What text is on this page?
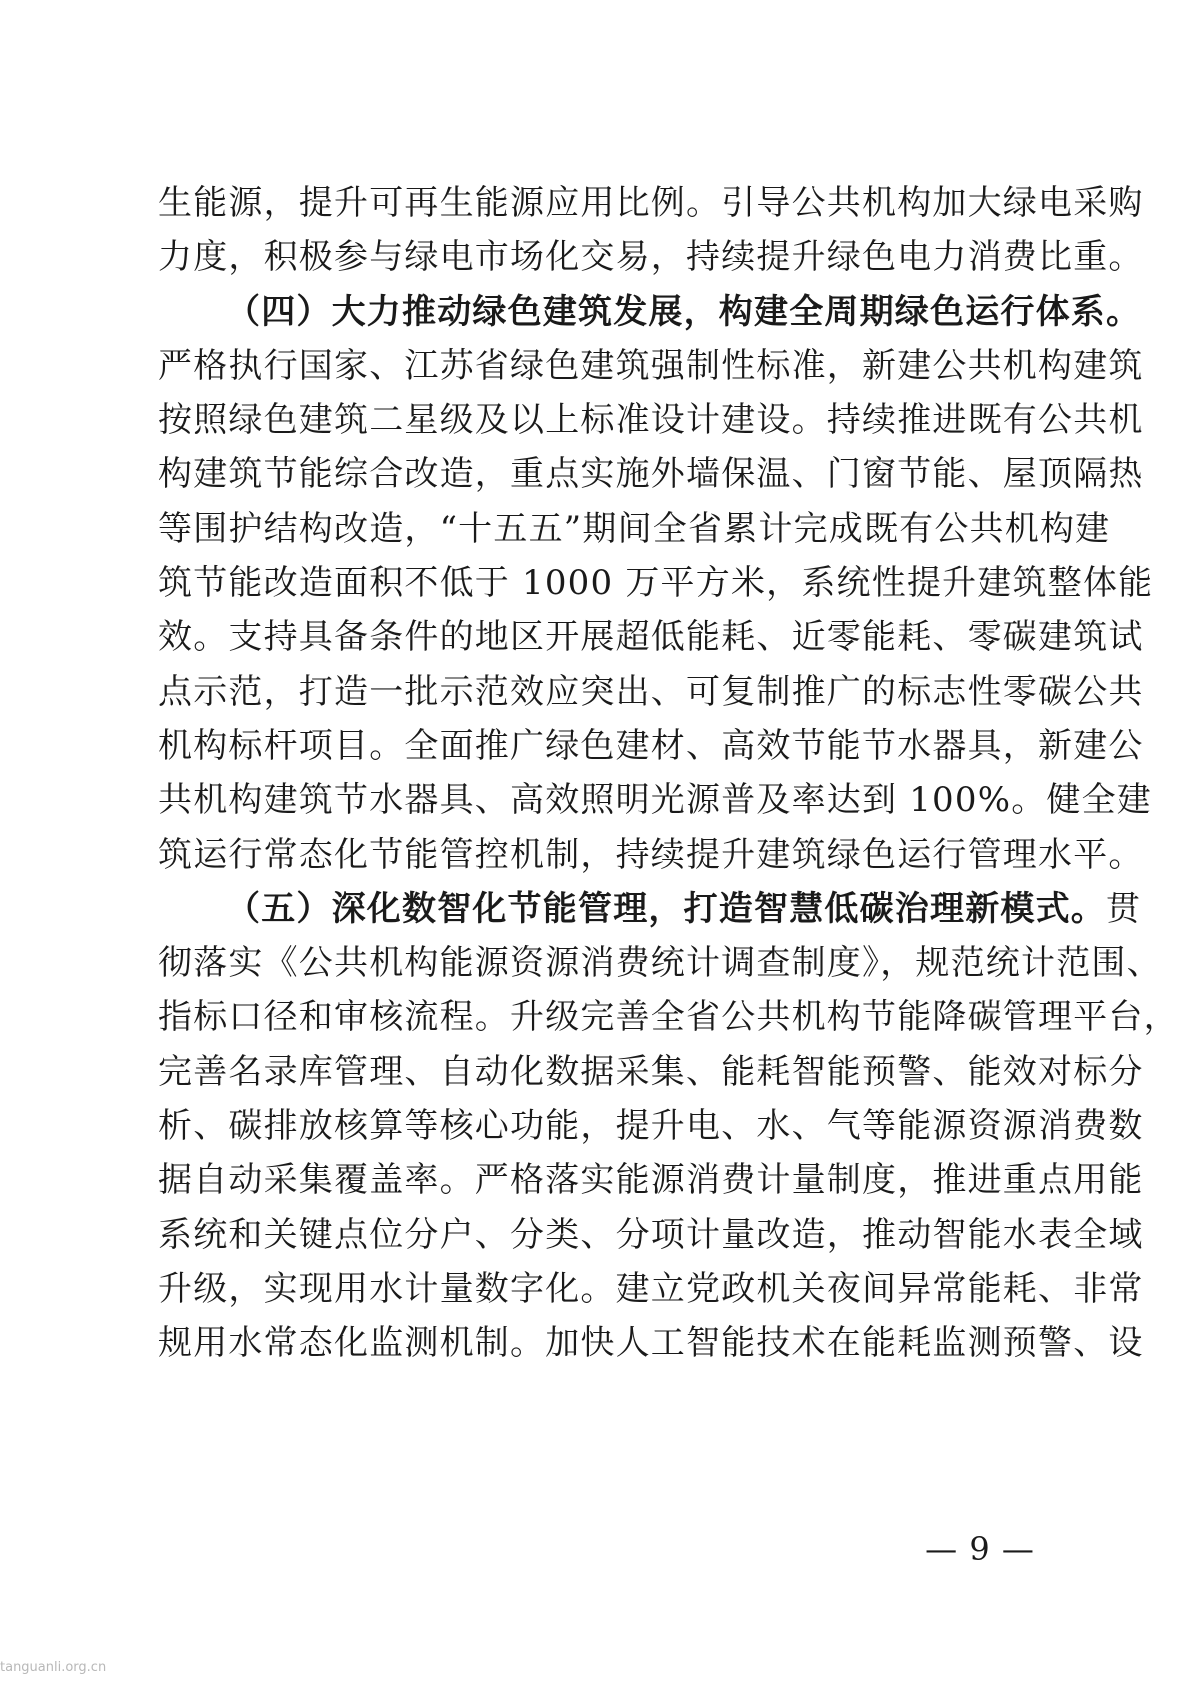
生能源，提升可再生能源应用比例。引导公共机构加大绿电采购
力度，积极参与绿电市场化交易，持续提升绿色电力消费比重。
（四）大力推动绿色建筑发展，构建全周期绿色运行体系。
严格执行国家、江苏省绿色建筑强制性标准，新建公共机构建筑
按照绿色建筑二星级及以上标准设计建设。持续推进既有公共机
构建筑节能综合改造，重点实施外墙保温、门窗节能、屋顶隔热
等围护结构改造，“十五五”期间全省累计完成既有公共机构建
筑节能改造面积不低于 1000 万平方米，系统性提升建筑整体能
效。支持具备条件的地区开展超低能耗、近零能耗、零碳建筑试
点示范，打造一批示范效应突出、可复制推广的标志性零碳公共
机构标杆项目。全面推广绿色建材、高效节能节水器具，新建公
共机构建筑节水器具、高效照明光源普及率达到 100%。健全建
筑运行常态化节能管控机制，持续提升建筑绿色运行管理水平。
（五）深化数智化节能管理，打造智慧低碳治理新模式。贯
彻落实《公共机构能源资源消费统计调查制度》，规范统计范围、
指标口径和审核流程。升级完善全省公共机构节能降碳管理平台，
完善名录库管理、自动化数据采集、能耗智能预警、能效对标分
析、碳排放核算等核心功能，提升电、水、气等能源资源消费数
据自动采集覆盖率。严格落实能源消费计量制度，推进重点用能
系统和关键点位分户、分类、分项计量改造，推动智能水表全域
升级，实现用水计量数字化。建立党政机关夜间异常能耗、非常
规用水常态化监测机制。加快人工智能技术在能耗监测预警、设
— 9 —
tanguanli.org.cn
